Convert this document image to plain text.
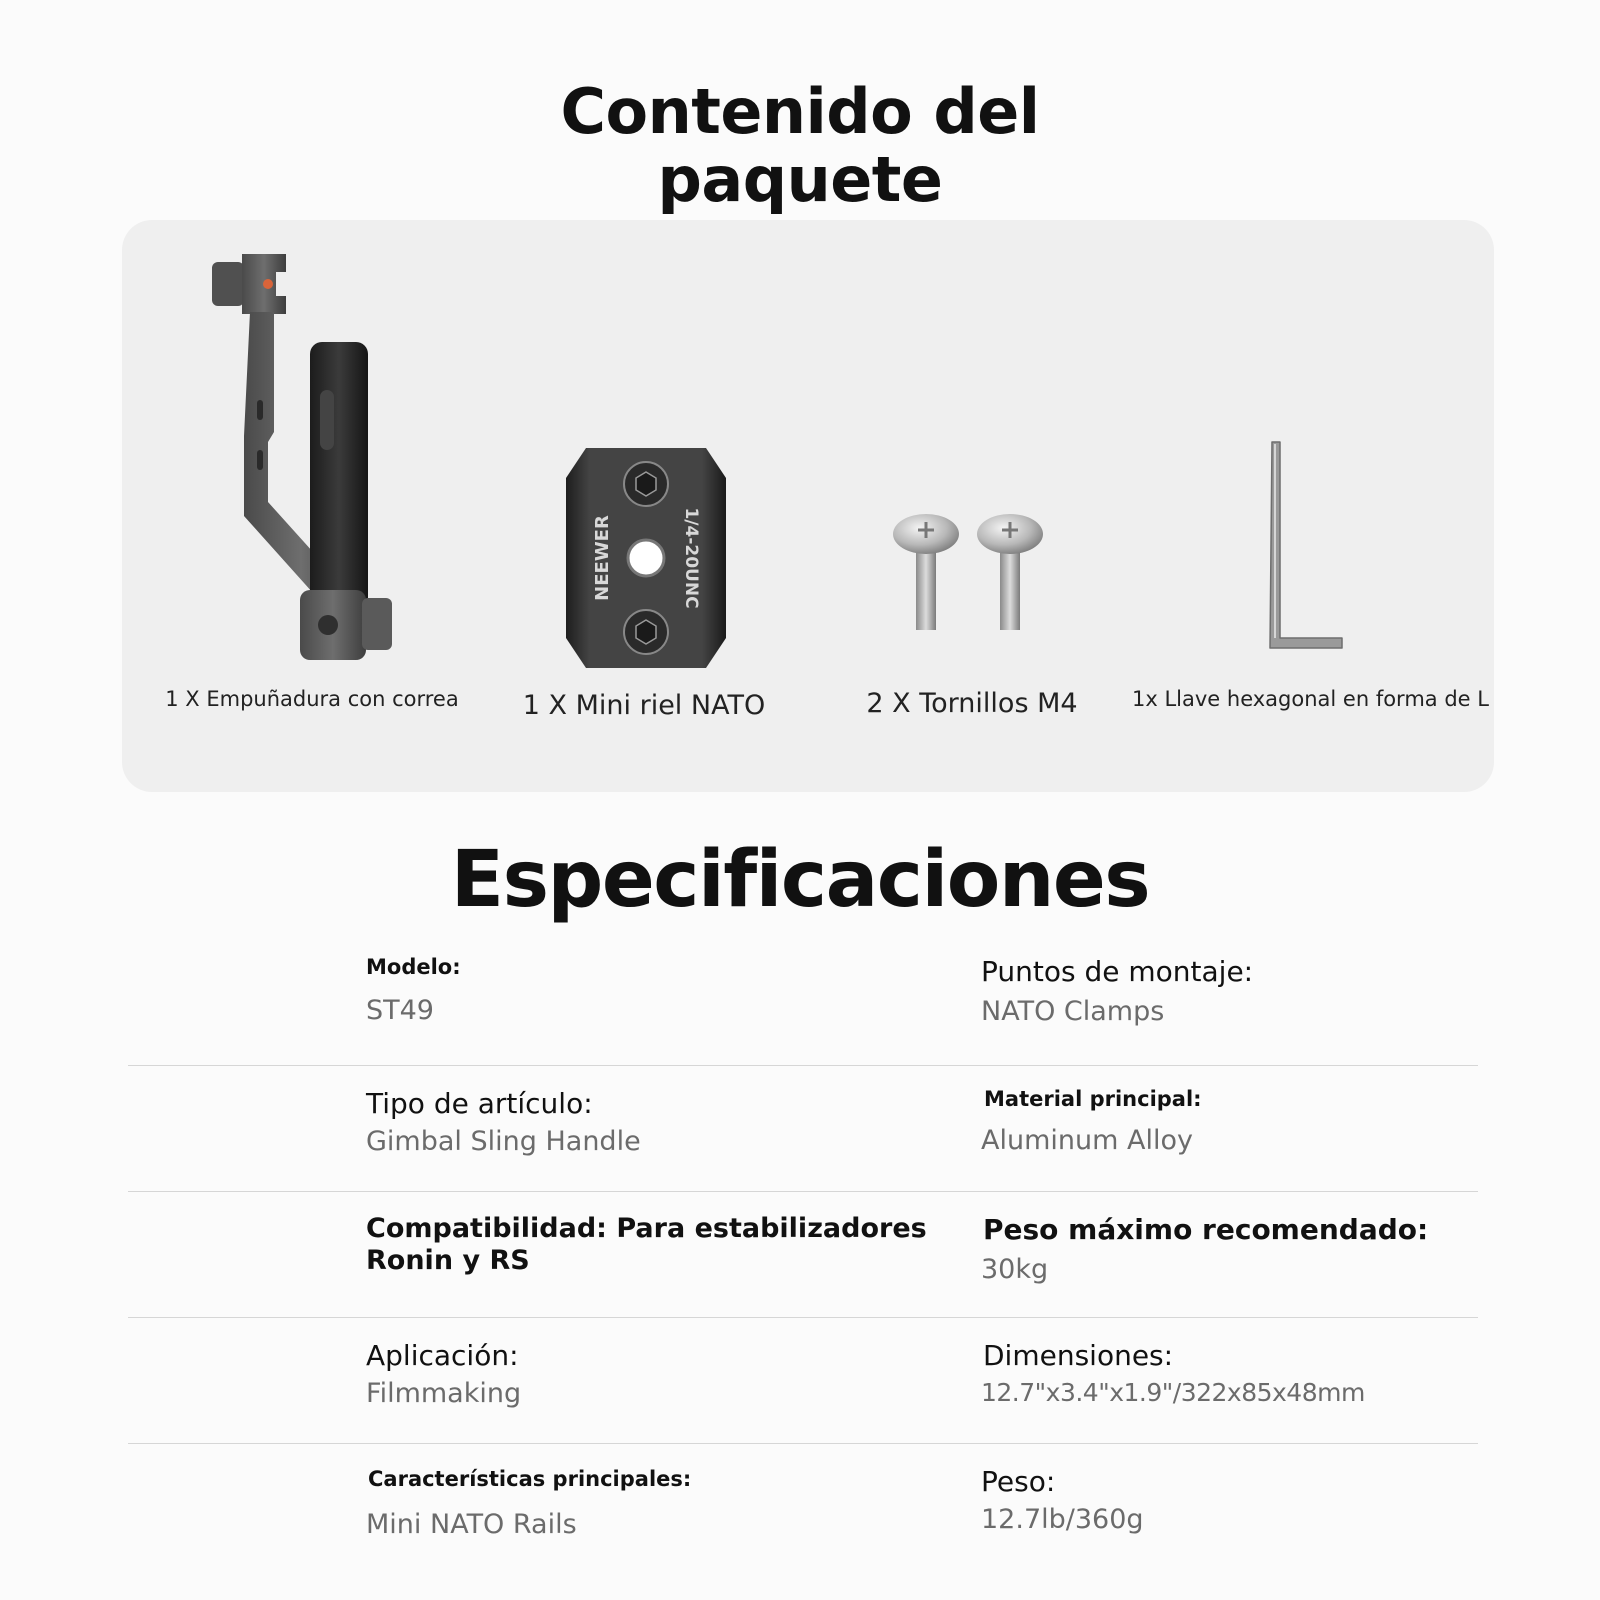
Contenido del
paquete
1 X Empuñadura con correa
NEEWER	1/4-20UNC
1 X Mini riel NATO	2 X Tornillos M4	1x Llave hexagonal en forma de L
Especificaciones
Modelo:
ST49
Puntos de montaje:
NATO Clamps
Tipo de artículo:
Gimbal Sling Handle
Material principal:
Aluminum Alloy
Compatibilidad: Para estabilizadores Ronin y RS
Peso máximo recomendado:
30kg
Aplicación:
Filmmaking
Dimensiones:
12.7"x3.4"x1.9"/322x85x48mm
Características principales:
Mini NATO Rails
Peso:
12.7lb/360g
